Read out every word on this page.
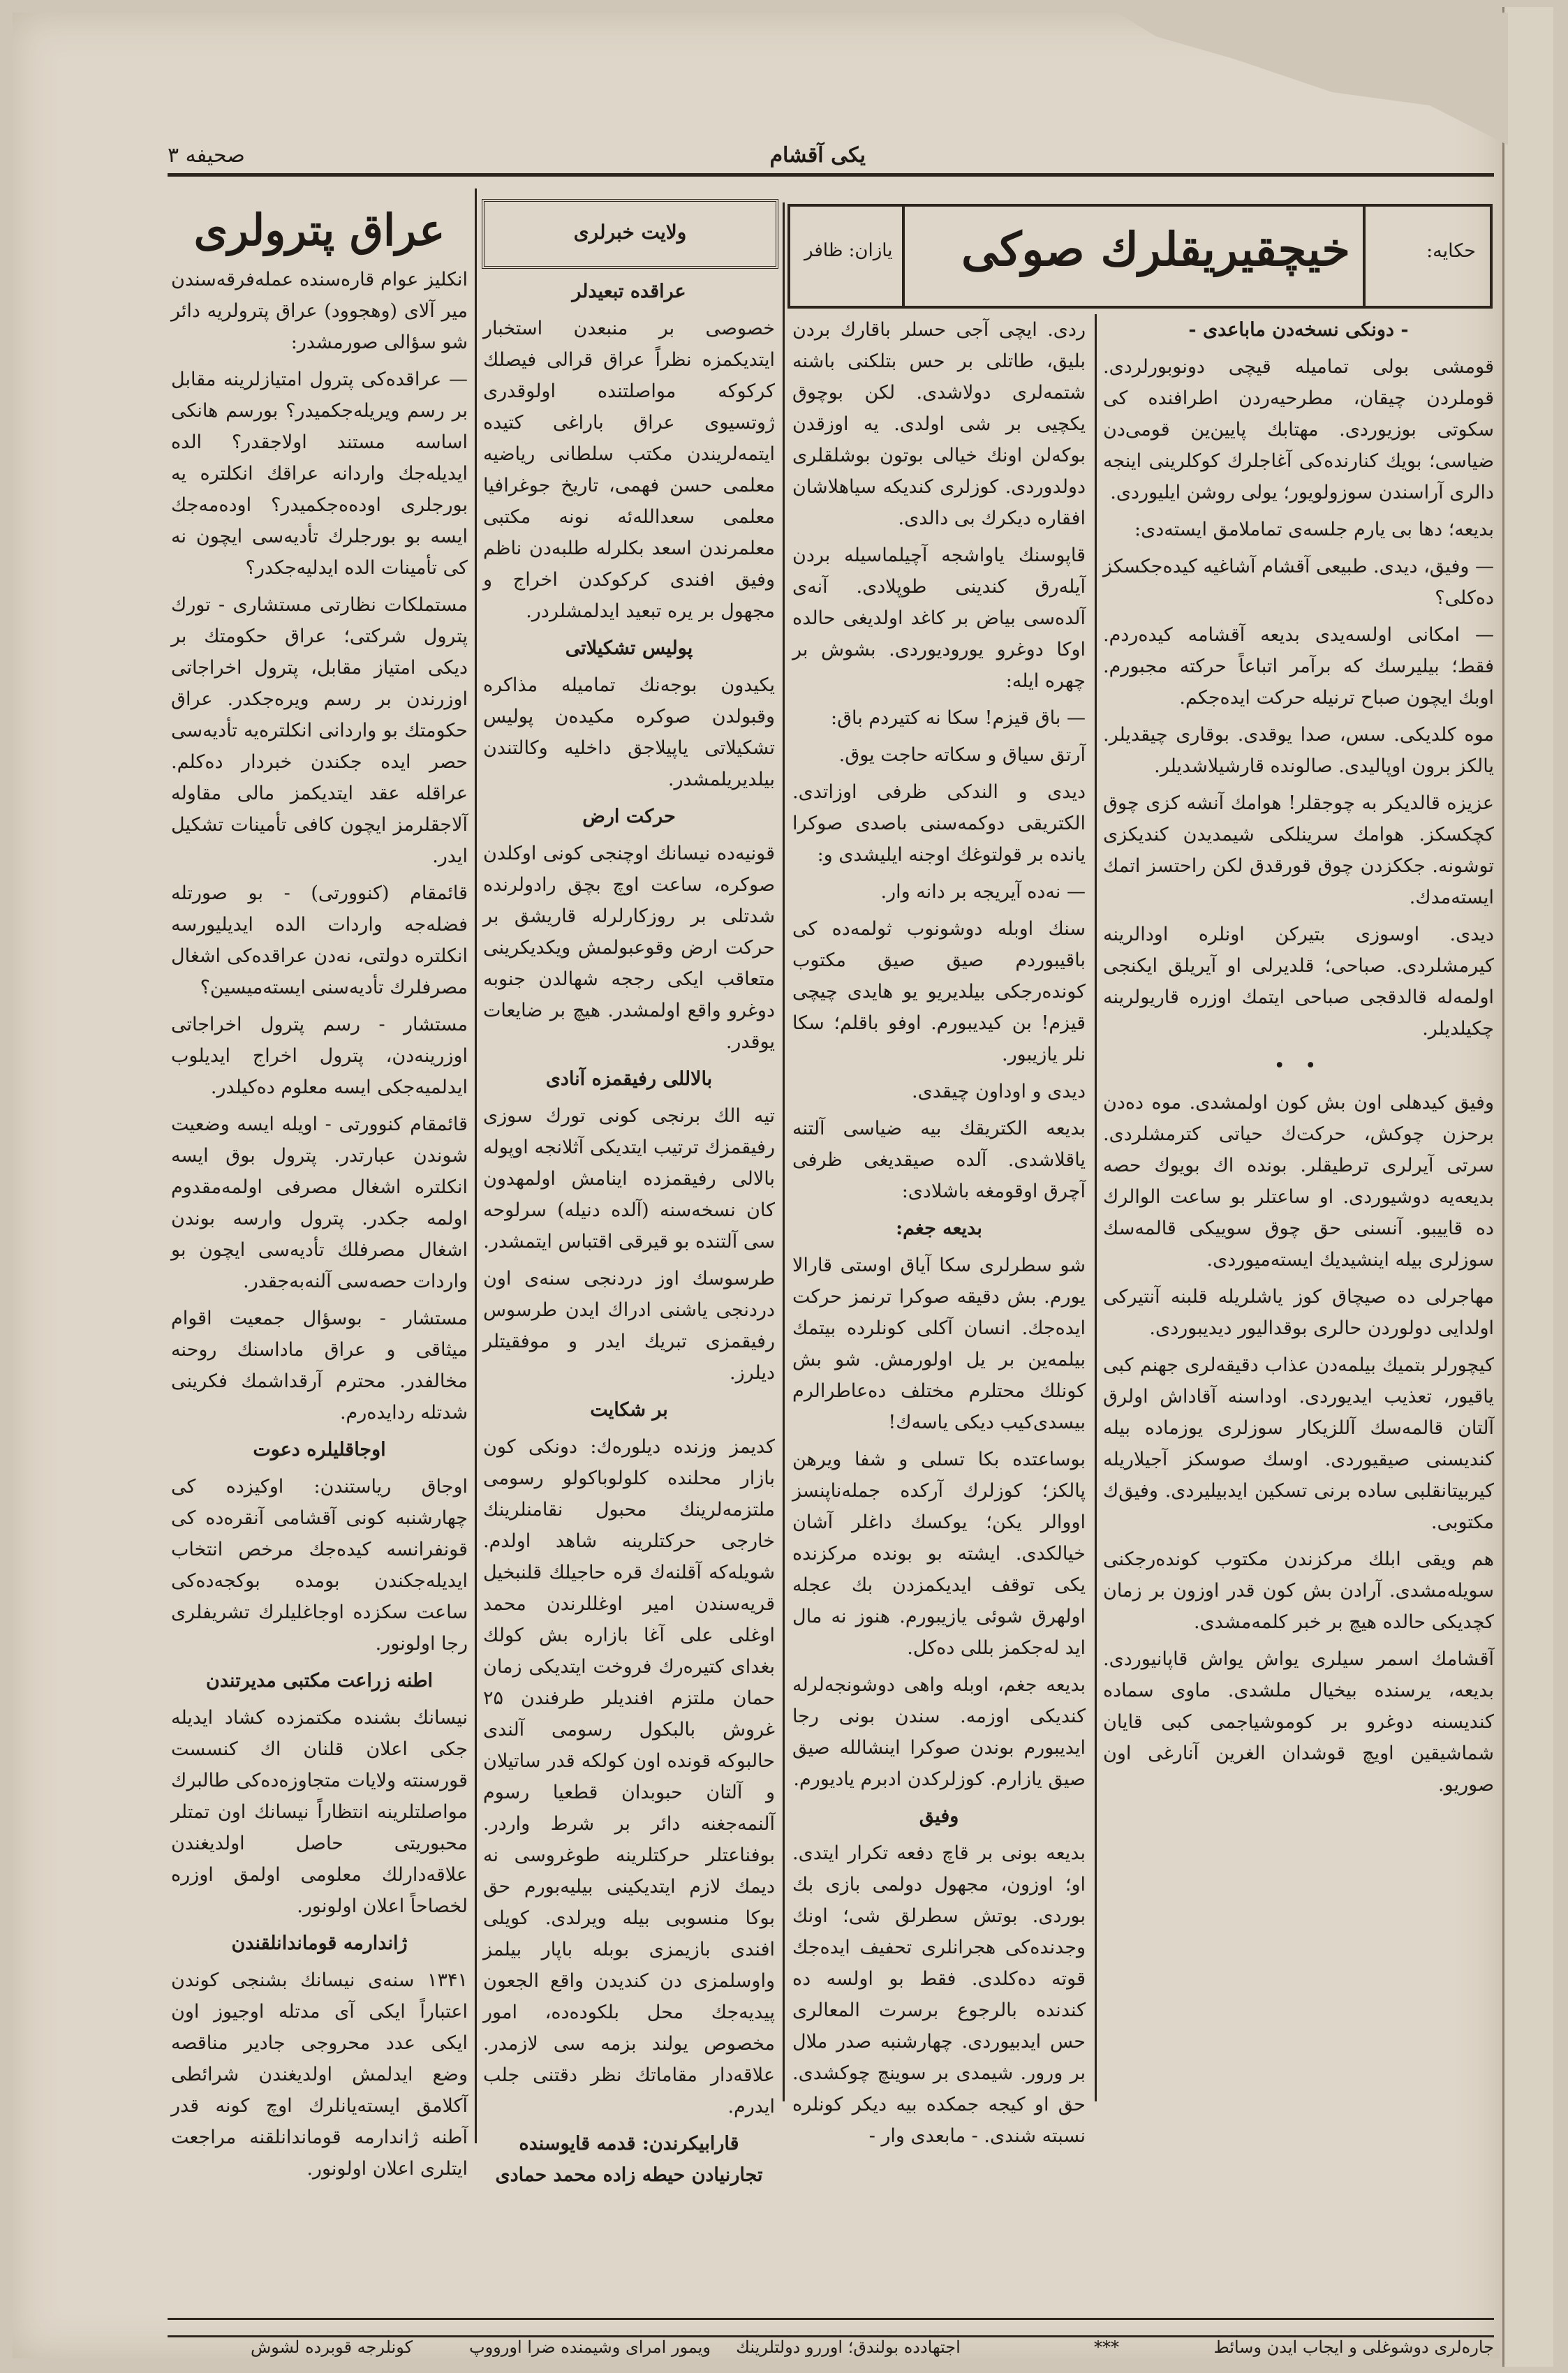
یکی آقشام
صحیفه ۳
حکایه:
خیچقیریقلرك صوکی
یازان: ظافر

- دونکی نسخه‌دن ماباعدی -

قومشی بولی تمامیله قیچی دونوبورلردی. قوملردن چیقان، مطرحیه‌ردن اطرافنده کی سکوتی بوزیوردی. مهتابك پایین‌ین قومی‌دن ضیاسی؛ بویك کنارنده‌کی آغاجلرك کوکلرینی اینجه دالری آراسندن سوزولویور؛ یولی روشن ایلیوردی.

بدیعه؛ دها بی یارم جلسه‌ی تماملامق ایسته‌دی:

— وفیق، دیدی. طبیعی آقشام آشاغیه کیده‌جکسکز ده‌کلی؟

— امکانی اولسه‌یدی بدیعه آقشامه کیده‌ردم. فقط؛ بیلیرسك که برآمر اتباعاً حرکته مجبورم. اوبك ایچون صباح ترنیله حرکت ایده‌جکم.

موه کلدیکی. سس، صدا یوقدی. بوقاری چیقدیلر. یالکز برون اوپالیدی. صالونده قارشیلاشدیلر.

عزیزه قالدیکر به چوجقلر! هوامك آنشه کزی چوق کچکسکز. هوامك سرینلکی شیمدیدن کندیکزی توشونه. جککزدن چوق قورقدق لکن راحتسز اتمك ایسته‌مدك.

دیدی. اوسوزی بتیرکن اونلره اودالرینه کیرمشلردی. صباحی؛ قلدیرلی او آیریلق ایکنجی اولمه‌له قالدقجی صباحی ایتمك اوزره قاریولرینه چکیلدیلر.

• •

وفیق کیدهلی اون بش کون اولمشدی. موه ده‌دن برحزن چوکش، حرکت‌ك حیاتی کترمشلردی. سرتی آیرلری ترطیقلر. بونده اك بویوك حصه بدیعه‌یه دوشیوردی. او ساعتلر بو ساعت الوالرك ده قاییبو. آنسنی حق چوق سوییکی قالمه‌سك سوزلری بیله اینشیدیك ایسته‌میوردی.

مهاجرلی ده صیچاق کوز یاشلریله قلبنه آنتیرکی اولدایی دولوردن حالری بوقدالیور دیدیبوردی.

کیچورلر بتمیك بیلمه‌دن عذاب دقیقه‌لری جهنم کبی یاقیور، تعذیب ایدیوردی. اوداسنه آقاداش اولرق آلتان قالمه‌سك آللزیکار سوزلری یوزماده بیله کندیسنی صیقیوردی. اوسك صوسکز آجیلاریله کیربیتانقلبی ساده برنی تسکین ایدبیلیردی. وفیق‌ك مکتوبی.

هم ویقی ابلك مرکزندن مکتوب کونده‌رجکنی سویله‌مشدی. آرادن بش کون قدر اوزون بر زمان کچدیکی حالده هیچ بر خبر کلمه‌مشدی.

آقشامك اسمر سیلری یواش یواش قاپانیوردی. بدیعه، یرسنده بیخیال ملشدی. ماوی سماده کندیسنه دوغرو بر کوموشیاجمی کبی قایان شماشیقین اویچ قوشدان الغرین آنارغی اون صوریو.

ردی. ایچی آجی حسلر باقارك بردن بلیق، طاتلی بر حس بتلکنی باشنه شتمه‌لری دولاشدی. لکن بوچوق یکچیی بر شی اولدی. یه اوزقدن بوکه‌لن اونك خیالی بوتون بوشلقلری دولدوردی. کوزلری کندیکه سیاهلاشان افقاره دیکرك بی دالدی.

قاپوسنك یاواشجه آچیلماسیله بردن آیله‌رق کندینی طوپلادی. آنه‌ی آلده‌سی بیاض بر کاغد اولدیغی حالده اوکا دوغرو یورودیوردی. بشوش بر چهره ایله:

— باق قیزم! سکا نه کتیردم باق:

آرتق سیاق و سکاته حاجت یوق.

دیدی و الندکی ظرفی اوزاتدی. الکتریقی دوکمه‌سنی باصدی صوکرا یانده بر قولتوغك اوجنه ایلیشدی و:

— نه‌ده آیریجه بر دانه وار.

سنك اوبله دوشونوب ثولمه‌ده کی باقیبوردم صیق صیق مکتوب کونده‌رجکی بیلدیریو یو هایدی چیچی قیزم! بن کیدیبورم. اوفو باقلم؛ سکا نلر یازیبور.

دیدی و اوداون چیقدی.

بدیعه الکتریقك بیه ضیاسی آلتنه یاقلاشدی. آلده صیقدیغی ظرفی آچرق اوقومغه باشلادی:

بدیعه جغم:

شو سطرلری سکا آیاق اوستی قارالا یورم. بش دقیقه صوکرا ترنمز حرکت ایده‌جك. انسان آکلی کونلرده بیتمك بیلمه‌ین بر یل اولورمش. شو بش کونلك محتلرم مختلف ده‌عاطرالرم بیسدی‌کیب دیکی یاسه‌ك!

بوساعتده بکا تسلی و شفا ویرهن پالکز؛ کوزلرك آرکده جمله‌ناپنسز اووالر یکن؛ یوکسك داغلر آشان خیالکدی. ایشته بو بونده مرکزنده یکی توقف ایدیکمزدن بك عجله اولهرق شوئی یازیبورم. هنوز نه مال اید له‌جکمز بللی ده‌کل.

بدیعه جغم، اوبله واهی دوشونجه‌لرله کندیکی اوزمه. سندن بونی رجا ایدیبورم بوندن صوکرا اینشالله صیق صیق یازارم. کوزلرکدن ادبرم یادیورم.

وفیق

بدیعه بونی بر قاچ دفعه تکرار ایتدی. او؛ اوزون، مجهول دولمی بازی بك بوردی. بوتش سطرلق شی؛ اونك وجدنده‌کی هجرانلری تحفیف ایده‌جك قوته ده‌کلدی. فقط بو اولسه ده کندنده بالرجوع برسرت المعالری حس ایدبیوردی. چهارشنبه صدر ملال بر ورور. شیمدی بر سوینچ چوکشدی. حق او کیجه جمکده بیه دیکر کونلره نسبته شندی. - مابعدی وار -

ولایت خبرلری

عراقده تبعیدلر

خصوصی بر منبعدن استخبار ایتدیکمزه نظراً عراق قرالی فیصلك کرکوکه مواصلتنده اولوقدری ژوتسیوی عراق باراغی کتیده ایتمه‌لریندن مکتب سلطانی ریاضیه معلمی حسن فهمی، تاریخ جوغرافیا معلمی سعدالله‌ئه نونه مکتبی معلمرندن اسعد بکلرله طلبه‌دن ناظم وفیق افندی کرکوکدن اخراج و مجهول بر یره تبعید ایدلمشلردر.

پولیس تشکیلاتی

یکیدون بوجه‌نك تمامیله مذاکره وقبولدن صوکره مکیده‌ن پولیس تشکیلاتی یاپیلاجق داخلیه وکالتندن بیلدیریلمشدر.

حرکت ارض

قونیه‌ده نیسانك اوچنجی کونی اوکلدن صوکره، ساعت اوچ بچق رادولرنده‌ شدتلی بر روزکارلرله قاریشق بر حرکت ارض وقوعبولمش ویکدیکرینی متعاقب ایکی رججه شهالدن جنوبه دوغرو واقع اولمشدر. هیچ بر ضایعات یوقدر.

بالاللی رفیقمزه آنادی

تیه الك برنجی کونی تورك سوزی رفیقمزك ترتیب ایتدیکی آثلانجه اوپوله بالالی رفیقمزده اینامش اولمهدون کان نسخه‌سنه (آلده دنیله) سرلوحه سی آلتنده بو قیرقی اقتباس ایتمشدر.

طرسوسك اوز دردنجی سنه‌ی اون دردنجی یاشنی ادراك ایدن طرسوس رفیقمزی تبریك ایدر و موفقیتلر دیلرز.

بر شکایت

کدیمز وزنده دیلوره‌ك: دونکی کون بازار محلنده کلولوباکولو رسومی ملتزمه‌لرینك محبول نقامنلرینك خارجی حرکتلرینه شاهد اولدم. شویله‌که آقلنه‌ك قره حاجیلك قلنبخیل قریه‌سندن امیر اوغللرندن محمد اوغلی علی آغا بازاره بش کولك بغدای کتیره‌رك فروخت ایتدیکی زمان حمان ملتزم افندیلر طرفندن ۲۵ غروش بالبکول رسومی آلندی حالبوکه قونده اون کولکه قدر ساتیلان و آلتان حبوبدان قطعیا رسوم آلنمه‌جغنه دائر بر شرط واردر. بوفناعتلر حرکتلرینه طوغروسی نه دیمك لازم ایتدیکینی بیلیه‌بورم حق بوکا منسوبی بیله ویرلدی. کویلی افندی بازیمزی بوبله باپار بیلمز واوسلمزی دن کندیدن واقع الجعون پیدیه‌جك محل بلکوده‌ده، امور مخصوص یولند بزمه سی لازمدر. علاقه‌دار مقاماتك نظر دقتنی جلب ایدرم.

قارابیکرندن: قدمه قایوسنده تجارنیادن حیطه زاده محمد حمادی

عراق پترولری

انکلیز عوام قاره‌سنده عمله‌فرقه‌سندن میر آلای (وهجوود) عراق پترولریه دائر شو سؤالی صورمشدر:

— عراقده‌کی پترول امتیازلرینه مقابل بر رسم ویریله‌جکمیدر؟ بورسم هانکی اساسه مستند اولاجقدر؟ الده ایدیله‌جك واردانه عراقك انکلتره یه بورجلری اوده‌ه‌جکمیدر؟ اوده‌مه‌جك ایسه بو بورجلرك تأدیه‌سی ایچون نه کی تأمینات الده ایدلیه‌جکدر؟

مستملکات نظارتی مستشاری - تورك پترول شرکتی؛ عراق حکومتك بر دیکی امتیاز مقابل، پترول اخراجاتی اوزرندن بر رسم ویره‌جکدر. عراق حکومتك بو واردانی انکلتره‌یه تأدیه‌سی حصر ایده جکندن خبردار ده‌کلم. عراقله عقد ایتدیکمز مالی مقاوله آلاجقلرمز ایچون کافی تأمینات تشکیل ایدر.

قائمقام (کنوورتی) - بو صورتله فضله‌جه واردات الده ایدیلیورسه انکلتره دولتی، نه‌دن عراقده‌کی اشغال مصرفلرك تأدیه‌سنی ایسته‌میسین؟

مستشار - رسم پترول اخراجاتی اوزرینه‌دن، پترول اخراج ایدیلوب ایدلمیه‌جکی ایسه معلوم ده‌کیلدر.

قائمقام کنوورتی - اویله ایسه وضعیت شوندن عبارتدر. پترول بوق ایسه انکلتره اشغال مصرفی اولمه‌مقدوم اولمه جکدر. پترول وارسه بوندن اشغال مصرفلك تأدیه‌سی ایچون بو واردات حصه‌سی آلنه‌به‌جقدر.

مستشار - بوسؤال جمعیت اقوام میثاقی و عراق ماداسنك روحنه مخالفدر. محترم آرقداشمك فکرینی شدتله ردایده‌رم.

اوجاقلیلره دعوت

اوجاق ریاستندن: اوکیزده کی چهارشنبه کونی آقشامی آنقره‌ده کی قونفرانسه کیده‌جك مرخص انتخاب ایدیله‌جکندن بومده بوکجه‌ده‌کی ساعت سکزده اوجاغلیلرك تشریفلری رجا اولونور.

اطنه زراعت مکتبی مدیرتندن

نیسانك بشنده مکتمزده کشاد ایدیله جکی اعلان قلنان اك کنسست قورسنته ولایات متجاوزه‌ده‌کی طالبرك مواصلتلرینه انتظاراً نیسانك اون تمتلر محبوریتی حاصل اولدیغندن علاقه‌دارلك معلومی اولمق اوزره لخصاحاً اعلان اولونور.

ژاندارمه قوماندانلقندن

۱۳۴۱ سنه‌ی نیسانك بشنجی کوندن اعتباراً ایکی آی مدتله اوجیوز اون ایکی عدد محروجی جادیر مناقصه وضع ایدلمش اولدیغندن شرائطی آکلامق ایسته‌یانلرك اوچ کونه قدر آطنه ژاندارمه قوماندانلقنه مراجعت ایتلری اعلان اولونور.

جاره‌لری دوشوغلی و ایجاب ایدن وسائط***اجتهادده بولندق؛ اوررو دولتلرینكویمور امرای وشیمنده ضرا اورووپکونلرجه قوبرده لشوش
